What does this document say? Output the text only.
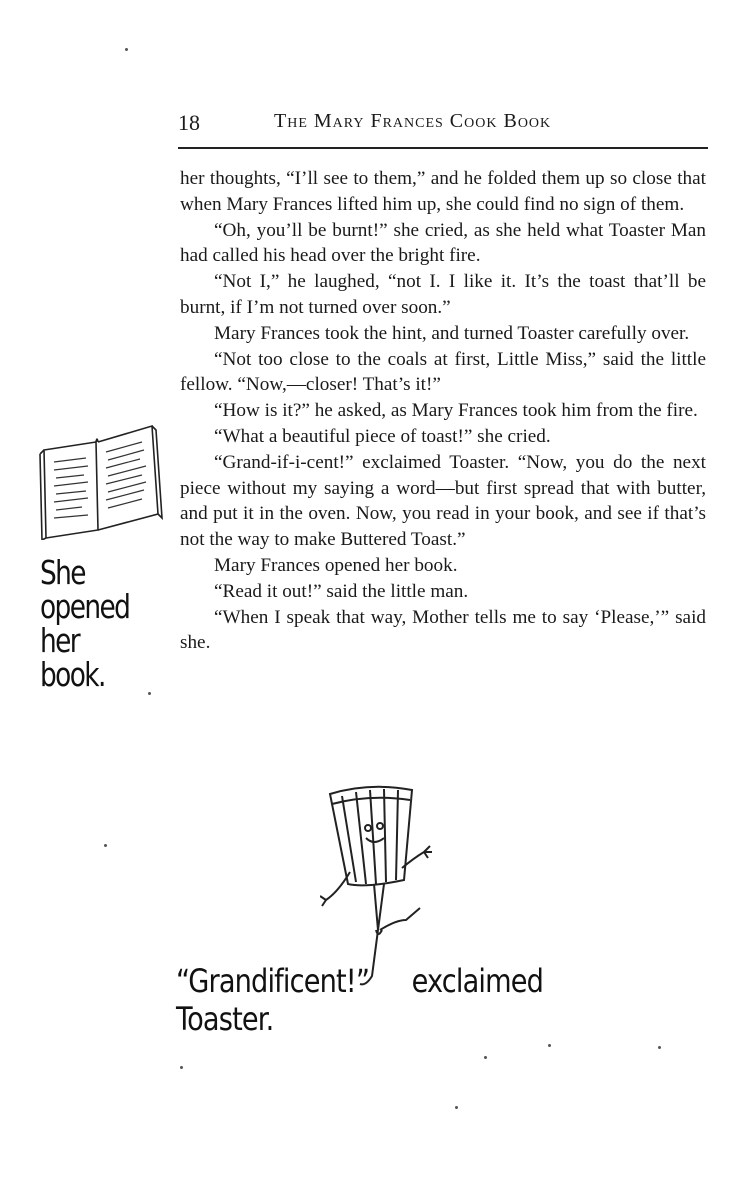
18	The Mary Frances Cook Book

her thoughts, “I’ll see to them,” and he folded them up so close that when Mary Frances lifted him up, she could find no sign of them.

“Oh, you’ll be burnt!” she cried, as she held what Toaster Man had called his head over the bright fire.

“Not I,” he laughed, “not I. I like it. It’s the toast that’ll be burnt, if I’m not turned over soon.”

Mary Frances took the hint, and turned Toaster carefully over.

“Not too close to the coals at first, Little Miss,” said the little fellow. “Now,—closer! That’s it!”

“How is it?” he asked, as Mary Frances took him from the fire.

“What a beautiful piece of toast!” she cried.

“Grand-if-i-cent!” exclaimed Toaster. “Now, you do the next piece without my saying a word—but first spread that with butter, and put it in the oven. Now, you read in your book, and see if that’s not the way to make Buttered Toast.”

Mary Frances opened her book.

“Read it out!” said the little man.

“When I speak that way, Mother tells me to say ‘Please,’” said she.

She
opened
her book.
“Grandificent!” exclaimed Toaster.
